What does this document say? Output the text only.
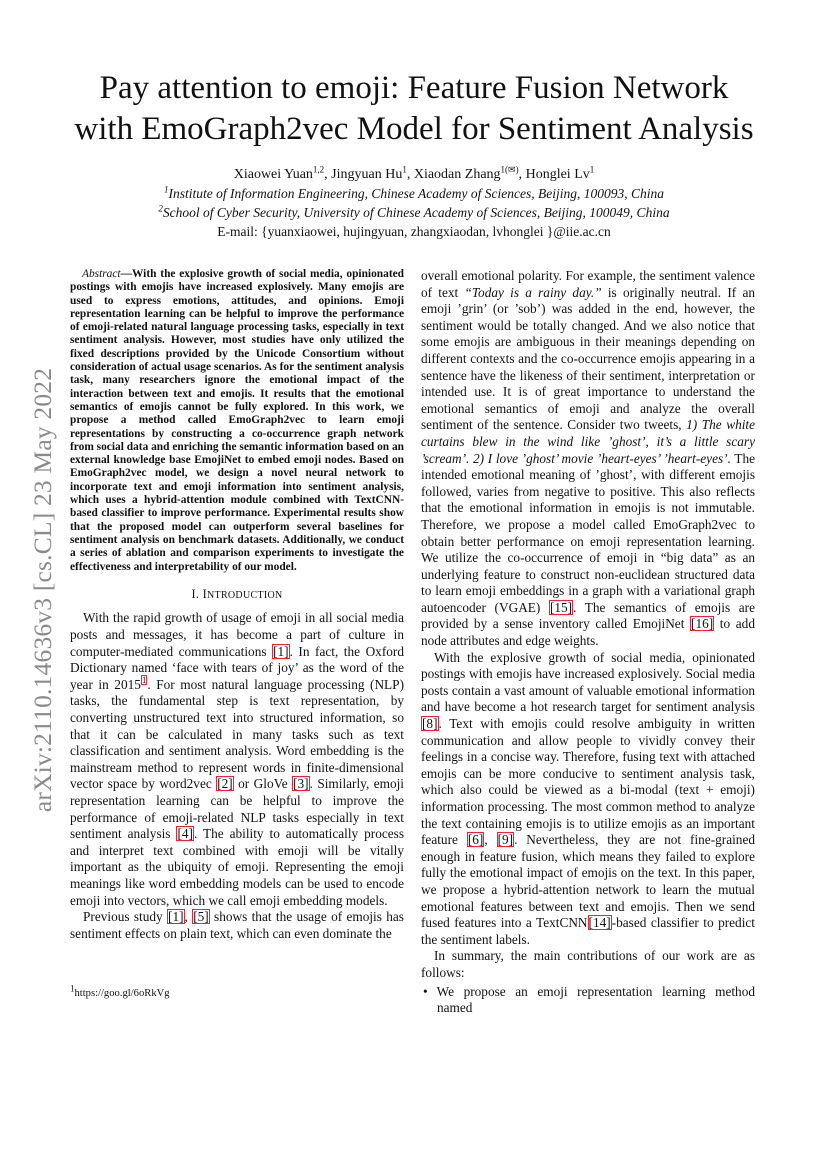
arXiv:2110.14636v3 [cs.CL] 23 May 2022
Pay attention to emoji: Feature Fusion Network
with EmoGraph2vec Model for Sentiment Analysis
Xiaowei Yuan$^{1,2}$, Jingyuan Hu$^1$, Xiaodan Zhang$^{1(✉)}$, Honglei Lv$^1$
$^1$Institute of Information Engineering, Chinese Academy of Sciences, Beijing, 100093, China
$^2$School of Cyber Security, University of Chinese Academy of Sciences, Beijing, 100049, China
E-mail: {yuanxiaowei, hujingyuan, zhangxiaodan, lvhonglei }@iie.ac.cn

Abstract—With the explosive growth of social media, opinionated postings with emojis have increased explosively. Many emojis are used to express emotions, attitudes, and opinions. Emoji representation learning can be helpful to improve the performance of emoji-related natural language processing tasks, especially in text sentiment analysis. However, most studies have only utilized the fixed descriptions provided by the Unicode Consortium without consideration of actual usage scenarios. As for the sentiment analysis task, many researchers ignore the emotional impact of the interaction between text and emojis. It results that the emotional semantics of emojis cannot be fully explored. In this work, we propose a method called EmoGraph2vec to learn emoji representations by constructing a co-occurrence graph network from social data and enriching the semantic information based on an external knowledge base EmojiNet to embed emoji nodes. Based on EmoGraph2vec model, we design a novel neural network to incorporate text and emoji information into sentiment analysis, which uses a hybrid-attention module combined with TextCNN-based classifier to improve performance. Experimental results show that the proposed model can outperform several baselines for sentiment analysis on benchmark datasets. Additionally, we conduct a series of ablation and comparison experiments to investigate the effectiveness and interpretability of our model.

I. INTRODUCTION

With the rapid growth of usage of emoji in all social media posts and messages, it has become a part of culture in computer-mediated communications [1]. In fact, the Oxford Dictionary named ‘face with tears of joy’ as the word of the year in 2015$^1$. For most natural language processing (NLP) tasks, the fundamental step is text representation, by converting unstructured text into structured information, so that it can be calculated in many tasks such as text classification and sentiment analysis. Word embedding is the mainstream method to represent words in finite-dimensional vector space by word2vec [2] or GloVe [3]. Similarly, emoji representation learning can be helpful to improve the performance of emoji-related NLP tasks especially in text sentiment analysis [4]. The ability to automatically process and interpret text combined with emoji will be vitally important as the ubiquity of emoji. Representing the emoji meanings like word embedding models can be used to encode emoji into vectors, which we call emoji embedding models.

Previous study [1], [5] shows that the usage of emojis has sentiment effects on plain text, which can even dominate the

$^1$https://goo.gl/6oRkVg

overall emotional polarity. For example, the sentiment valence of text “Today is a rainy day.” is originally neutral. If an emoji ’grin’ (or ’sob’) was added in the end, however, the sentiment would be totally changed. And we also notice that some emojis are ambiguous in their meanings depending on different contexts and the co-occurrence emojis appearing in a sentence have the likeness of their sentiment, interpretation or intended use. It is of great importance to understand the emotional semantics of emoji and analyze the overall sentiment of the sentence. Consider two tweets, 1) The white curtains blew in the wind like ’ghost’, it’s a little scary ’scream’. 2) I love ’ghost’ movie ’heart-eyes’ ’heart-eyes’. The intended emotional meaning of ’ghost’, with different emojis followed, varies from negative to positive. This also reflects that the emotional information in emojis is not immutable. Therefore, we propose a model called EmoGraph2vec to obtain better performance on emoji representation learning. We utilize the co-occurrence of emoji in “big data” as an underlying feature to construct non-euclidean structured data to learn emoji embeddings in a graph with a variational graph autoencoder (VGAE) [15]. The semantics of emojis are provided by a sense inventory called EmojiNet [16] to add node attributes and edge weights.

With the explosive growth of social media, opinionated postings with emojis have increased explosively. Social media posts contain a vast amount of valuable emotional information and have become a hot research target for sentiment analysis [8]. Text with emojis could resolve ambiguity in written communication and allow people to vividly convey their feelings in a concise way. Therefore, fusing text with attached emojis can be more conducive to sentiment analysis task, which also could be viewed as a bi-modal (text + emoji) information processing. The most common method to analyze the text containing emojis is to utilize emojis as an important feature [6], [9]. Nevertheless, they are not fine-grained enough in feature fusion, which means they failed to explore fully the emotional impact of emojis on the text. In this paper, we propose a hybrid-attention network to learn the mutual emotional features between text and emojis. Then we send fused features into a TextCNN[14]-based classifier to predict the sentiment labels.

In summary, the main contributions of our work are as follows:

• We propose an emoji representation learning method named
